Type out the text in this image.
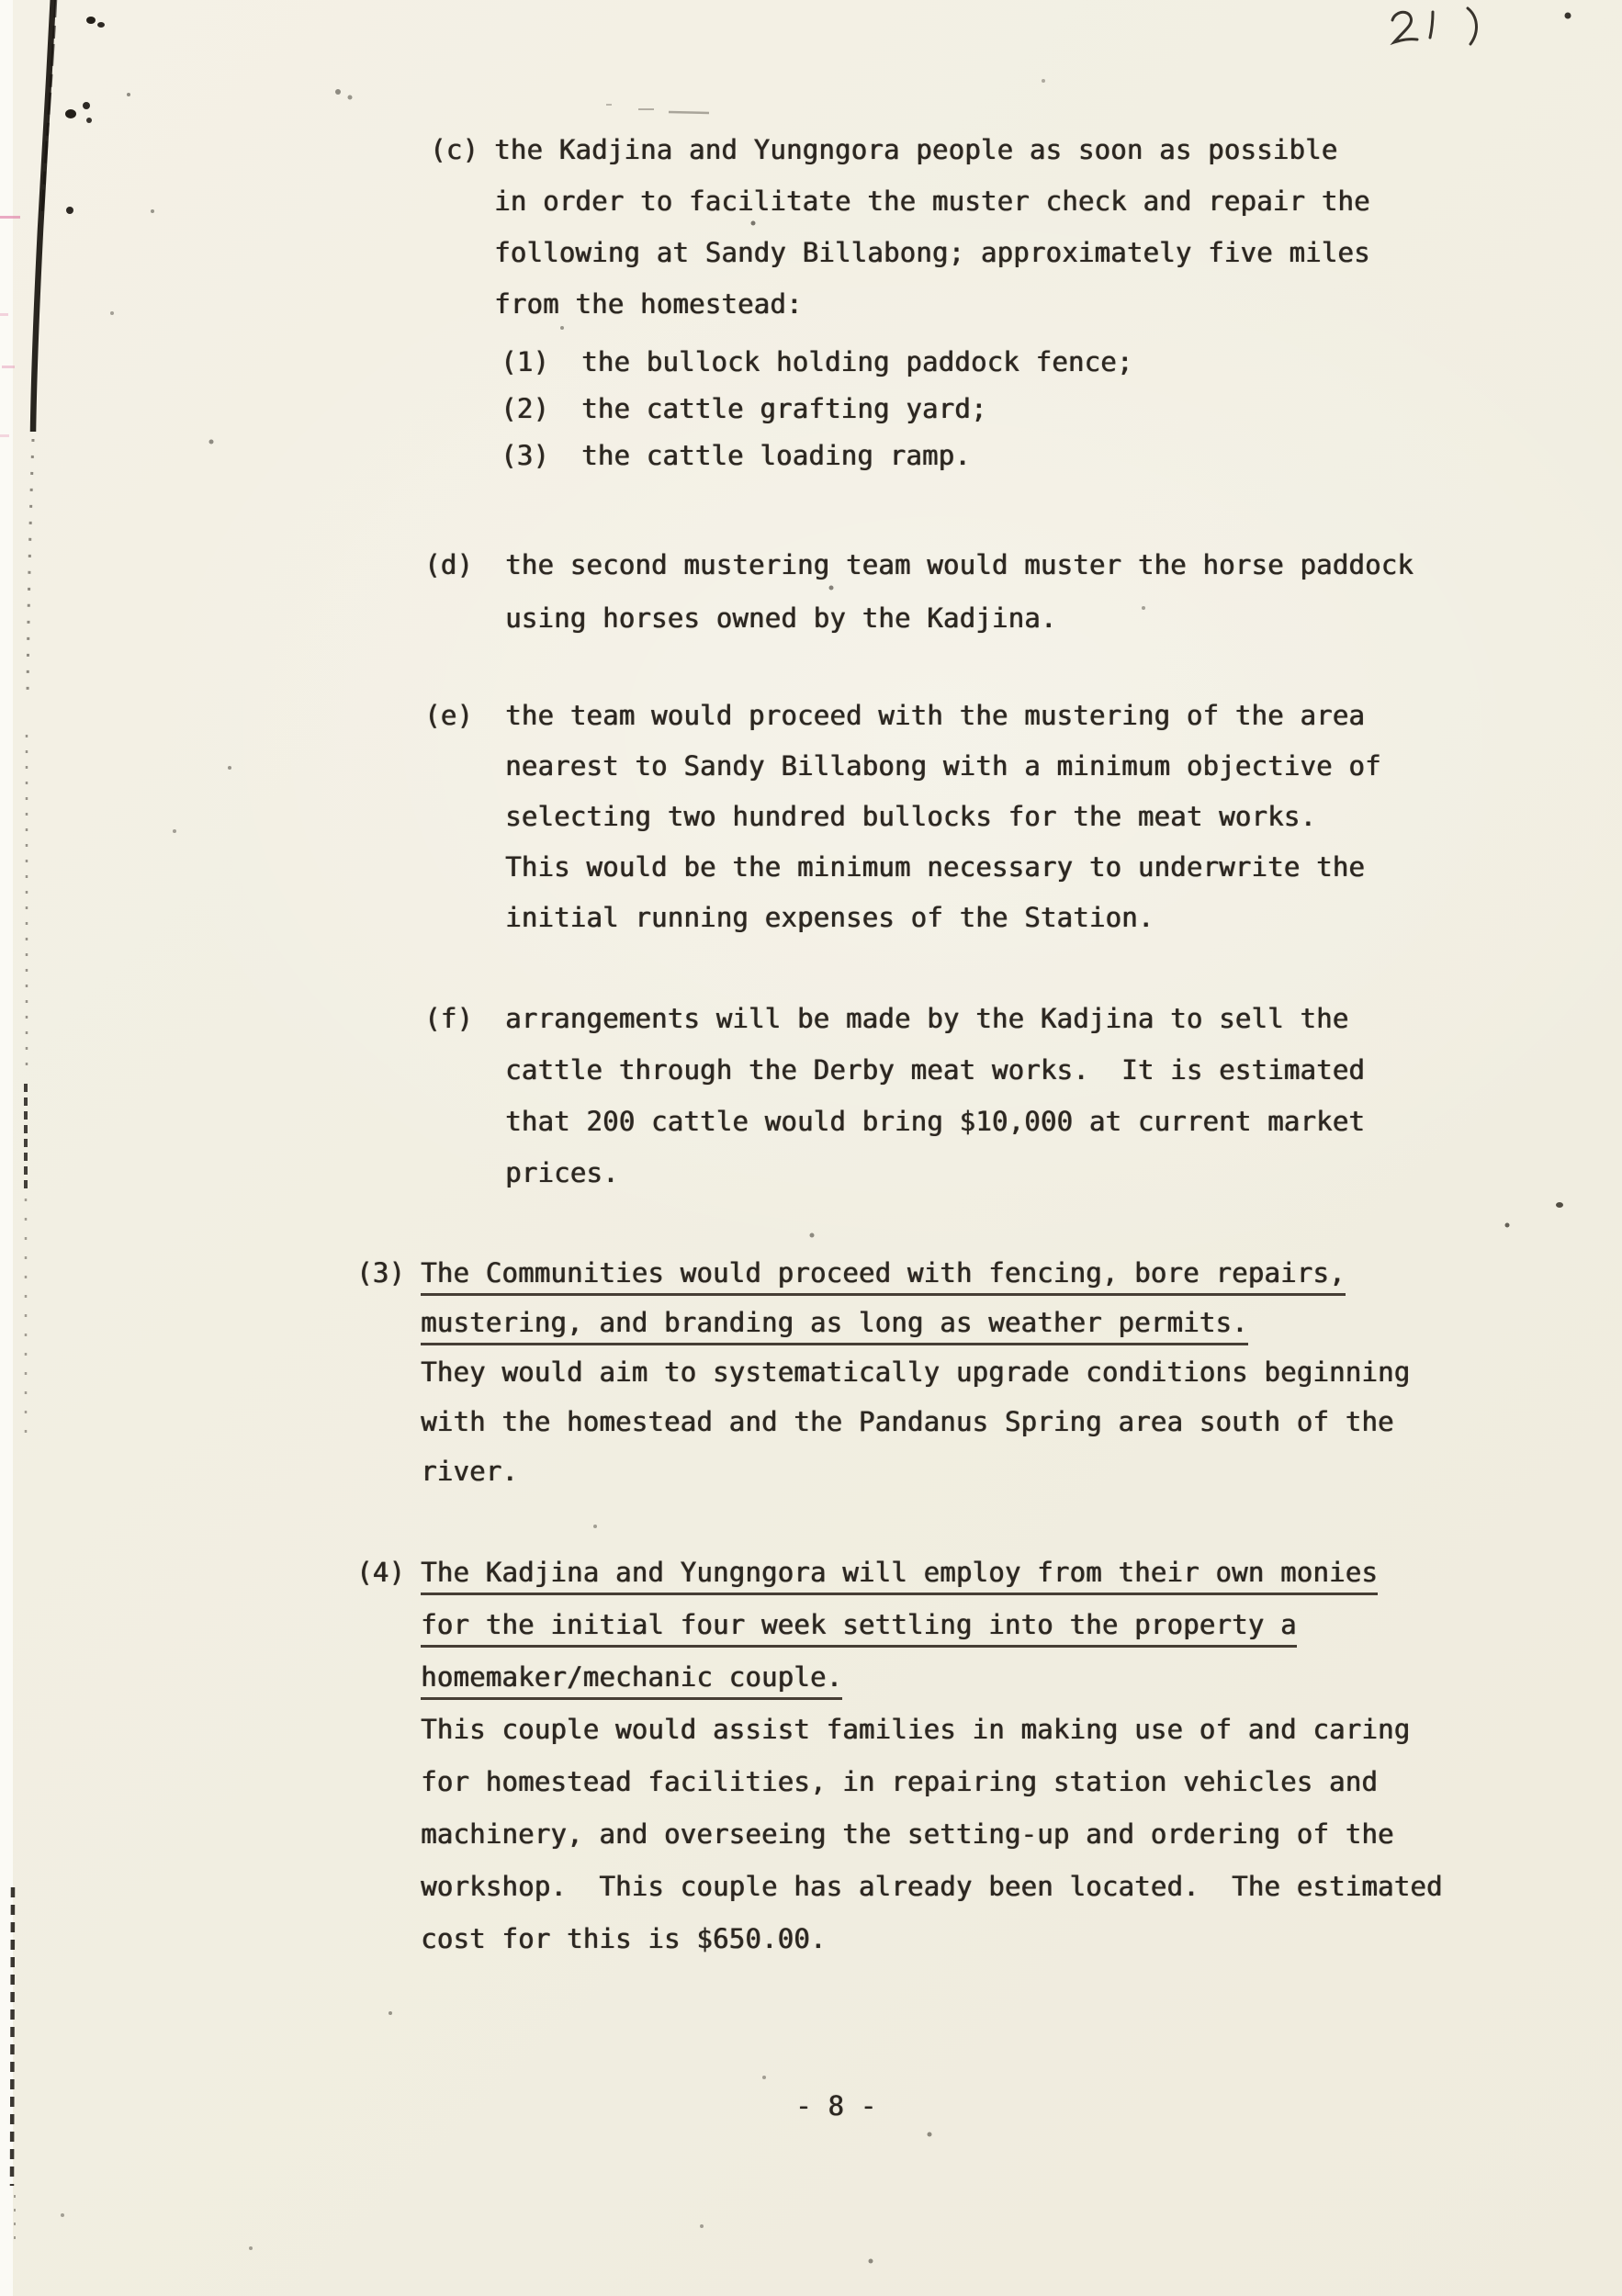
(c) the Kadjina and Yungngora people as soon as possible
in order to facilitate the muster check and repair the
following at Sandy Billabong; approximately five miles
from the homestead:
(1) the bullock holding paddock fence;
the cattle grafting yard;
the cattle loading ramp.
(2)
(3)
(d) the second mustering team would muster the horse paddock
using horses owned by the Kadjina.
(e) the team would proceed with the mustering of the area
nearest to Sandy Billabong with a minimum objective of
selecting two hundred bullocks for the meat works.
This would be the minimum necessary to underwrite the
initial running expenses of the Station.
(f) arrangements will be made by the Kadjina to sell the
cattle through the Derby meat works.  It is estimated
that 200 cattle would bring $10,000 at current market
prices.
(3) The Communities would proceed with fencing, bore repairs,
mustering, and branding as long as weather permits.
They would aim to systematically upgrade conditions beginning
with the homestead and the Pandanus Spring area south of the
river.
(4) The Kadjina and Yungngora will employ from their own monies
for the initial four week settling into the property a
homemaker/mechanic couple.
This couple would assist families in making use of and caring
for homestead facilities, in repairing station vehicles and
machinery, and overseeing the setting-up and ordering of the
workshop.  This couple has already been located.  The estimated
cost for this is $650.00.
- 8 -
